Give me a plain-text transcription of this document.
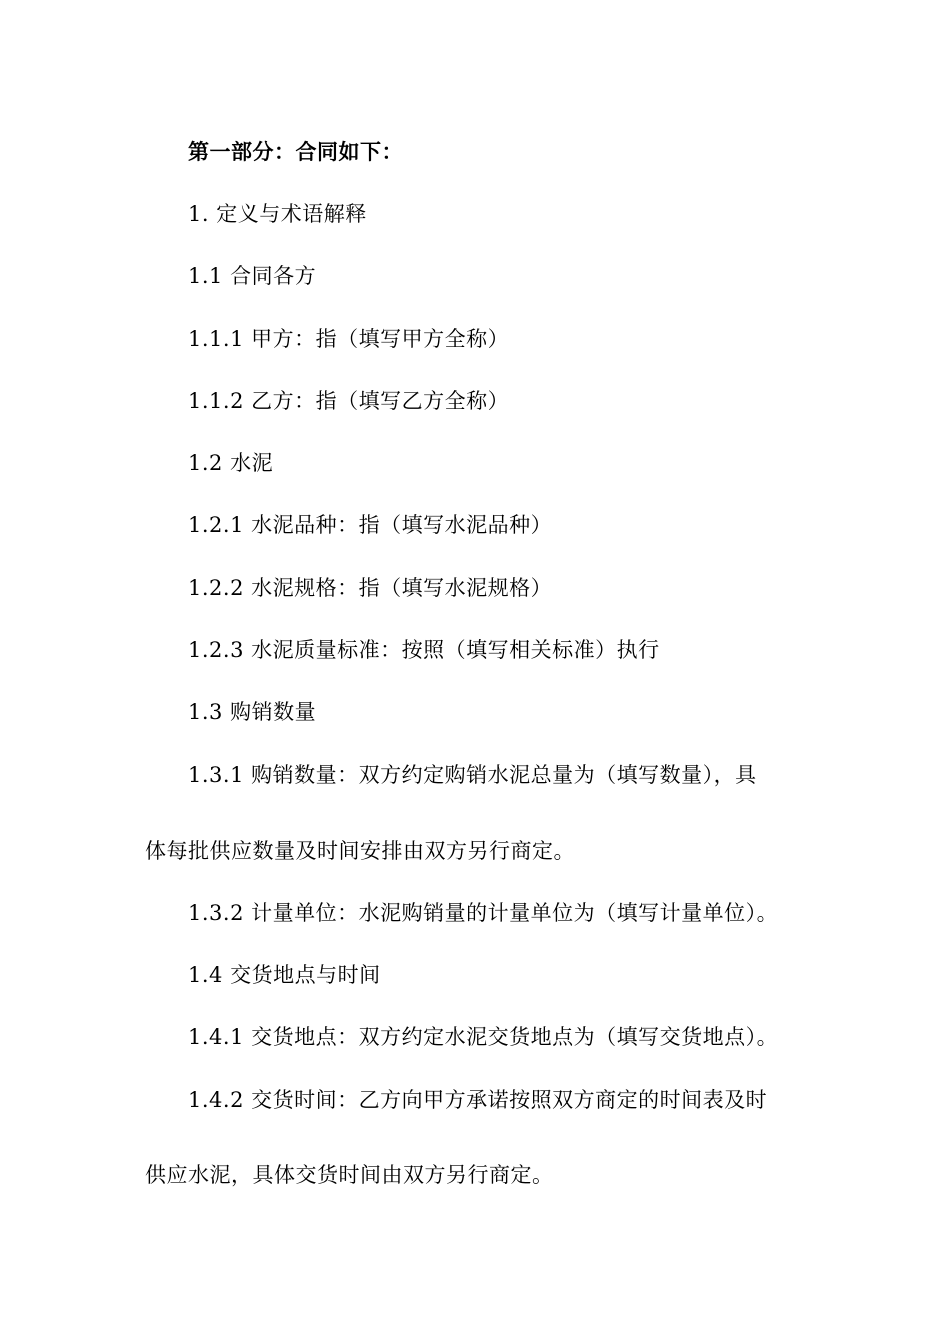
第一部分：合同如下：
1. 定义与术语解释
1.1 合同各方
1.1.1 甲方：指（填写甲方全称）
1.1.2 乙方：指（填写乙方全称）
1.2 水泥
1.2.1 水泥品种：指（填写水泥品种）
1.2.2 水泥规格：指（填写水泥规格）
1.2.3 水泥质量标准：按照（填写相关标准）执行
1.3 购销数量
1.3.1 购销数量：双方约定购销水泥总量为（填写数量），具
体每批供应数量及时间安排由双方另行商定。
1.3.2 计量单位：水泥购销量的计量单位为（填写计量单位）。
1.4 交货地点与时间
1.4.1 交货地点：双方约定水泥交货地点为（填写交货地点）。
1.4.2 交货时间：乙方向甲方承诺按照双方商定的时间表及时
供应水泥，具体交货时间由双方另行商定。
